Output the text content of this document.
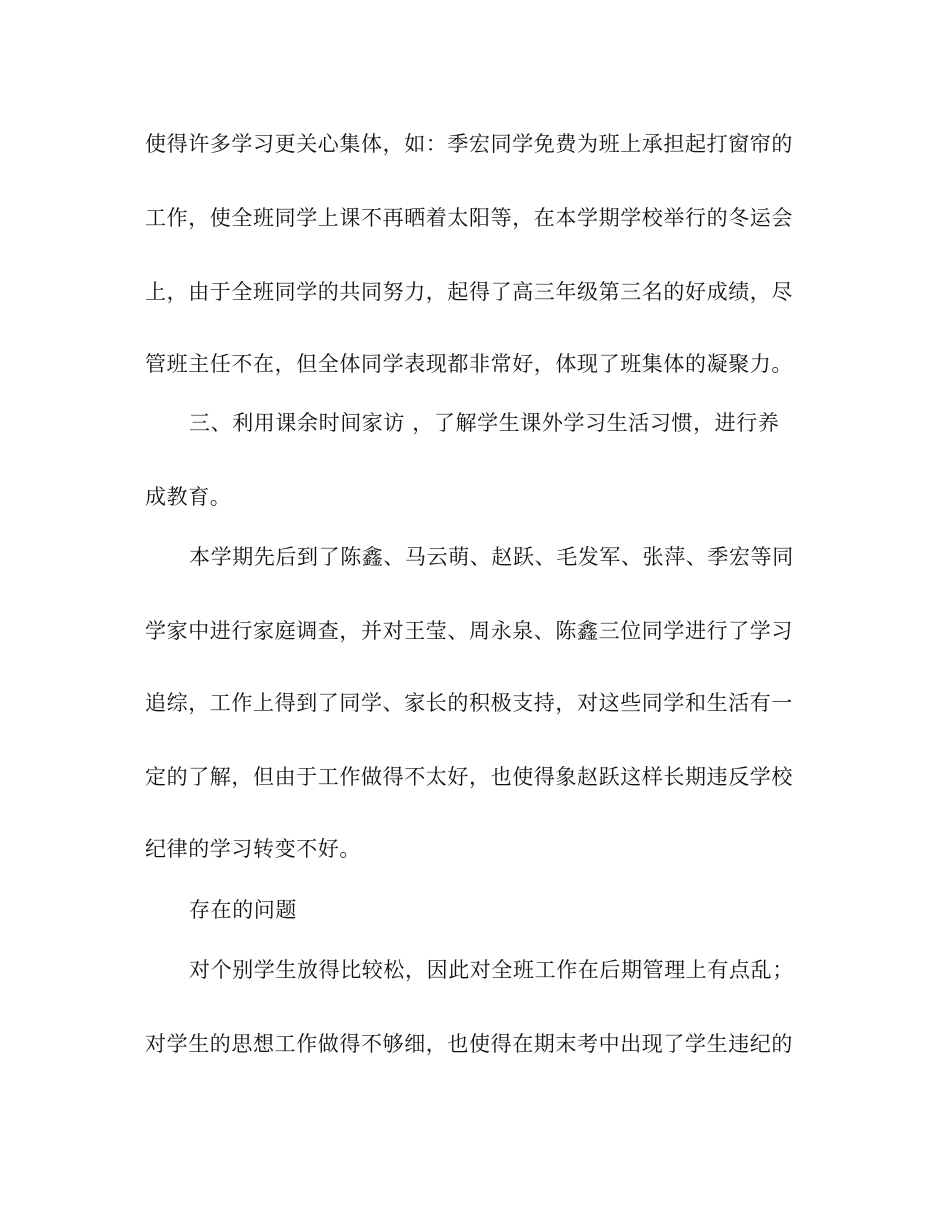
使得许多学习更关心集体，如：季宏同学免费为班上承担起打窗帘的
工作，使全班同学上课不再晒着太阳等，在本学期学校举行的冬运会
上，由于全班同学的共同努力，起得了高三年级第三名的好成绩，尽
管班主任不在，但全体同学表现都非常好，体现了班集体的凝聚力。
三、利用课余时间家访 ，了解学生课外学习生活习惯，进行养
成教育。
本学期先后到了陈鑫、马云萌、赵跃、毛发军、张萍、季宏等同
学家中进行家庭调查，并对王莹、周永泉、陈鑫三位同学进行了学习
追综，工作上得到了同学、家长的积极支持，对这些同学和生活有一
定的了解，但由于工作做得不太好，也使得象赵跃这样长期违反学校
纪律的学习转变不好。
存在的问题
对个别学生放得比较松，因此对全班工作在后期管理上有点乱；
对学生的思想工作做得不够细，也使得在期末考中出现了学生违纪的
